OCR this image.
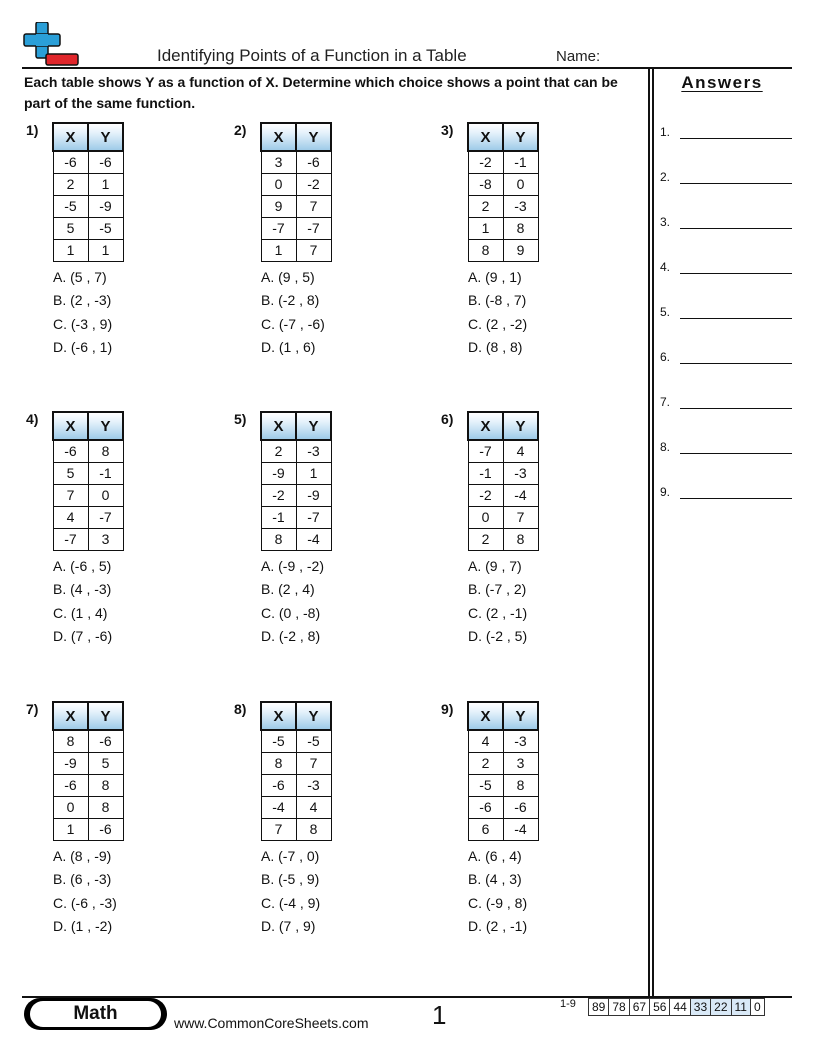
Identifying Points of a Function in a Table	Name:
Each table shows Y as a function of X. Determine which choice shows a point that can be part of the same function.
Answers
1.
2.
3.
4.
5.
6.
7.
8.
9.
1) X	Y
-6	-6
2	1
-5	-9
5	-5
1	1
A. (5 , 7)
B. (2 , -3)
C. (-3 , 9)
D. (-6 , 1)
2) X	Y
3	-6
0	-2
9	7
-7	-7
1	7
A. (9 , 5)
B. (-2 , 8)
C. (-7 , -6)
D. (1 , 6)
3) X	Y
-2	-1
-8	0
2	-3
1	8
8	9
A. (9 , 1)
B. (-8 , 7)
C. (2 , -2)
D. (8 , 8)
4) X	Y
-6	8
5	-1
7	0
4	-7
-7	3
A. (-6 , 5)
B. (4 , -3)
C. (1 , 4)
D. (7 , -6)
5) X	Y
2	-3
-9	1
-2	-9
-1	-7
8	-4
A. (-9 , -2)
B. (2 , 4)
C. (0 , -8)
D. (-2 , 8)
6) X	Y
-7	4
-1	-3
-2	-4
0	7
2	8
A. (9 , 7)
B. (-7 , 2)
C. (2 , -1)
D. (-2 , 5)
7) X	Y
8	-6
-9	5
-6	8
0	8
1	-6
A. (8 , -9)
B. (6 , -3)
C. (-6 , -3)
D. (1 , -2)
8) X	Y
-5	-5
8	7
-6	-3
-4	4
7	8
A. (-7 , 0)
B. (-5 , 9)
C. (-4 , 9)
D. (7 , 9)
9) X	Y
4	-3
2	3
-5	8
-6	-6
6	-4
A. (6 , 4)
B. (4 , 3)
C. (-9 , 8)
D. (2 , -1)
Math	www.CommonCoreSheets.com 1	1-9 89	78	67	56	44	33	22	11	0
